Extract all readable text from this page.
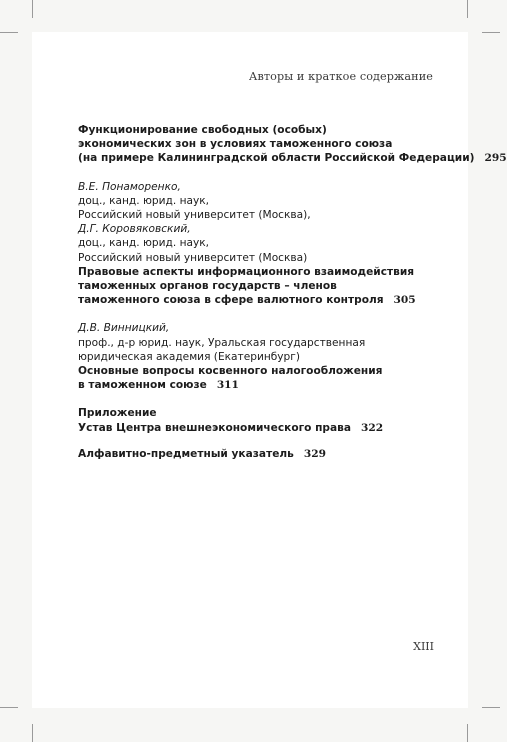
Авторы и краткое содержание
Функционирование свободных (особых)
экономических зон в условиях таможенного союза
(на примере Калининградской области Российской Федерации) 295
В.Е. Понаморенко,
доц., канд. юрид. наук,
Российский новый университет (Москва),
Д.Г. Коровяковский,
доц., канд. юрид. наук,
Российский новый университет (Москва)
Правовые аспекты информационного взаимодействия
таможенных органов государств – членов
таможенного союза в сфере валютного контроля 305
Д.В. Винницкий,
проф., д-р юрид. наук, Уральская государственная
юридическая академия (Екатеринбург)
Основные вопросы косвенного налогообложения
в таможенном союзе 311
Приложение
Устав Центра внешнеэкономического права 322
Алфавитно-предметный указатель 329
XIII
